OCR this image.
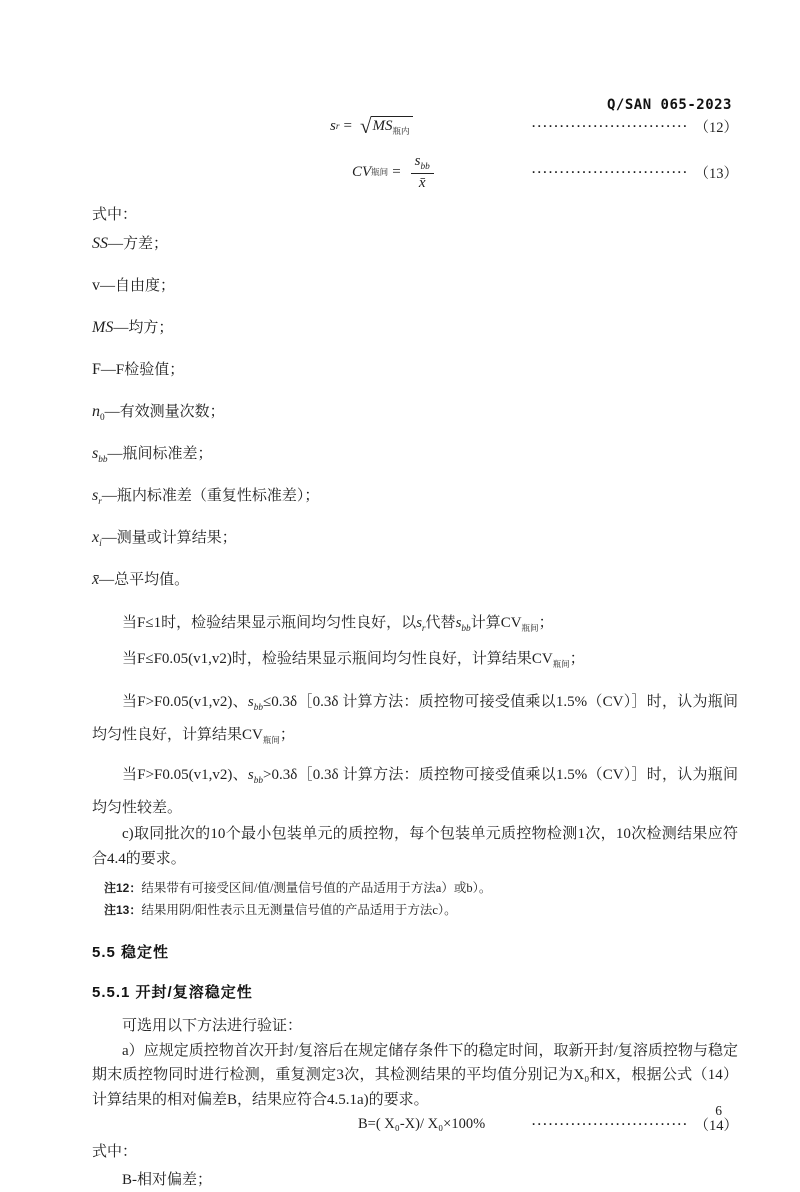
Q/SAN 065-2023
s r = √ $MS_{瓶内}$	···························· （12）
CV 瓶间 = $\frac{s_{bb}}{x̄}$	···························· （13）
式中：
SS—方差；
v—自由度；
MS—均方；
F—F检验值；
$n_0—$有效测量次数；
$s_{bb}—$瓶间标准差；
$s_r—$瓶内标准差（重复性标准差）；
$x_i—$测量或计算结果；
x̄—总平均值。
当F≤1时，检验结果显示瓶间均匀性良好，以$s_r$代替$s_{bb}$计算$CV_{瓶间}$；
当F≤F0.05(v1,v2)时，检验结果显示瓶间均匀性良好，计算结果$CV_{瓶间}$；
当F>F0.05(v1,v2)、$s_{bb}\le 0.3\delta[0.3\delta$ 计算方法：质控物可接受值乘以1.5%（CV）］时，认为瓶间均匀性良好，计算结果$CV_{瓶间}$；
当F>F0.05(v1,v2)、$s_{bb}>0.3\delta[0.3\delta$ 计算方法：质控物可接受值乘以1.5%（CV）］时，认为瓶间均匀性较差。
c)取同批次的10个最小包装单元的质控物，每个包装单元质控物检测1次，10次检测结果应符合4.4的要求。
注12：结果带有可接受区间/值/测量信号值的产品适用于方法a）或b）。
注13：结果用阴/阳性表示且无测量信号值的产品适用于方法c）。
5.5 稳定性
5.5.1 开封/复溶稳定性
可选用以下方法进行验证：
a）应规定质控物首次开封/复溶后在规定储存条件下的稳定时间，取新开封/复溶质控物与稳定期末质控物同时进行检测，重复测定3次，其检测结果的平均值分别记为X₀和X，根据公式（14）计算结果的相对偏差B，结果应符合4.5.1a)的要求。
B=( X₀-X)/ X₀×100%	···························· （14）
式中：
B-相对偏差；
6
